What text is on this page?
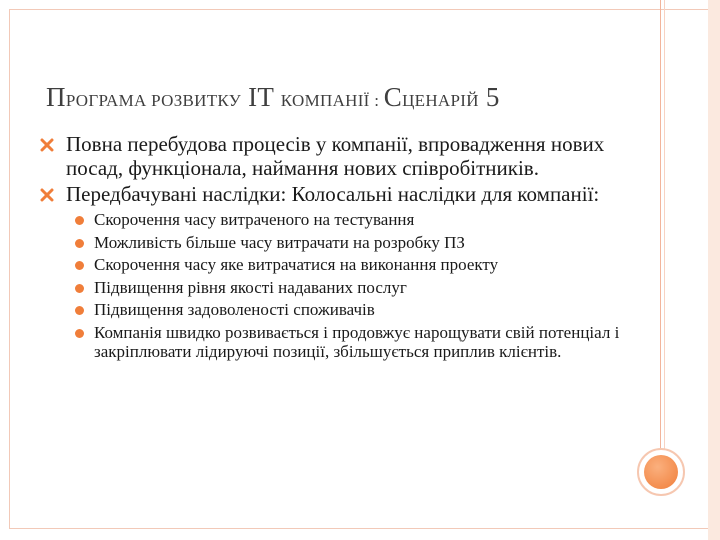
ПРОГРАМА РОЗВИТКУ IT КОМПАНІЇ : СЦЕНАРІЙ 5
Повна перебудова процесів у компанії, впровадження нових посад, функціонала, наймання нових співробітників.
Передбачувані наслідки: Колосальні наслідки для компанії:
Скорочення часу витраченого на тестування
Можливість більше часу витрачати на розробку ПЗ
Скорочення часу яке витрачатися на виконання проекту
Підвищення рівня якості надаваних послуг
Підвищення задоволеності споживачів
Компанія швидко розвивається і продовжує нарощувати свій потенціал і закріплювати лідируючі позиції, збільшується приплив клієнтів.
